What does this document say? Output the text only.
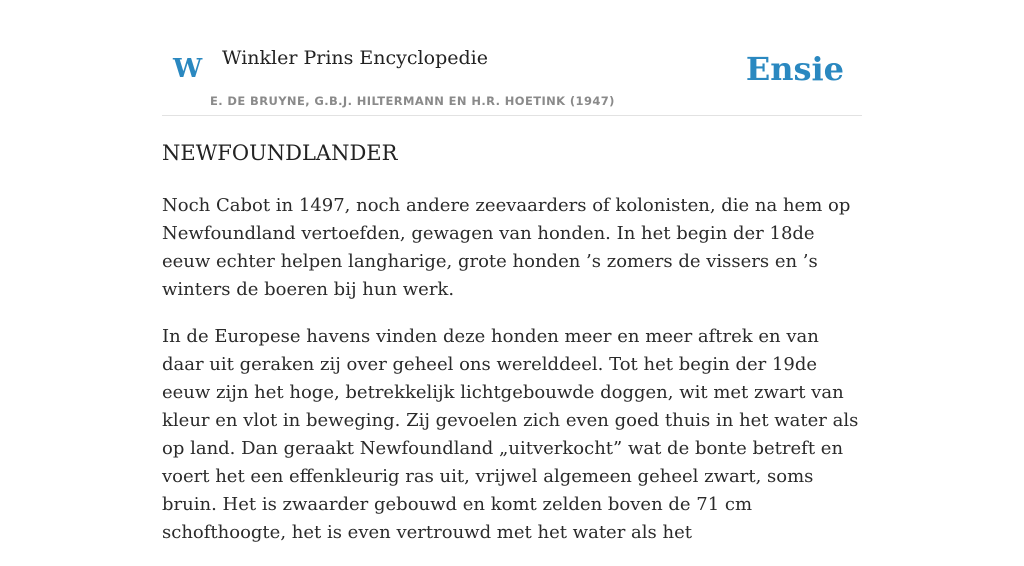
W Winkler Prins Encyclopedie
E. DE BRUYNE, G.B.J. HILTERMANN EN H.R. HOETINK (1947)
Ensie
NEWFOUNDLANDER

Noch Cabot in 1497, noch andere zeevaarders of kolonisten, die na hem op Newfoundland vertoefden, gewagen van honden. In het begin der 18de eeuw echter helpen langharige, grote honden ’s zomers de vissers en ’s winters de boeren bij hun werk.

In de Europese havens vinden deze honden meer en meer aftrek en van daar uit geraken zij over geheel ons werelddeel. Tot het begin der 19de eeuw zijn het hoge, betrekkelijk lichtgebouwde doggen, wit met zwart van kleur en vlot in beweging. Zij gevoelen zich even goed thuis in het water als op land. Dan geraakt Newfoundland „uitverkocht” wat de bonte betreft en voert het een effenkleurig ras uit, vrijwel algemeen geheel zwart, soms bruin. Het is zwaarder gebouwd en komt zelden boven de 71 cm schofthoogte, het is even vertrouwd met het water als het
